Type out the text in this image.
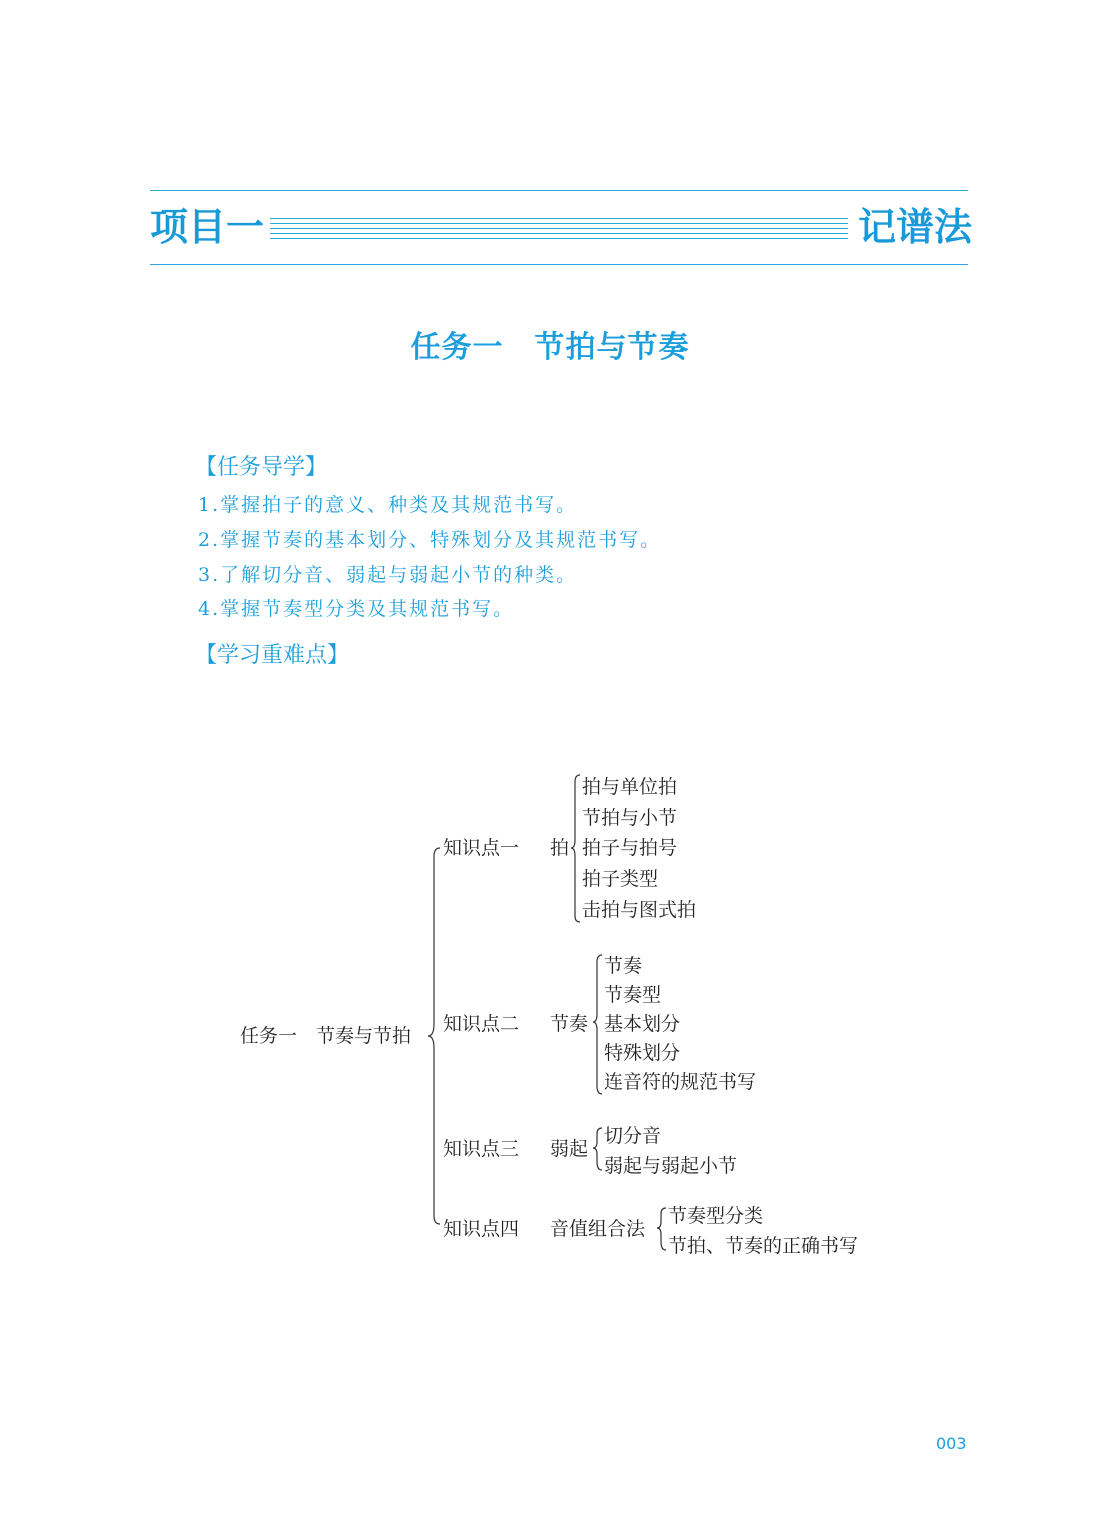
项目一	记谱法
任务一　节拍与节奏
【任务导学】
1.掌握拍子的意义、种类及其规范书写。
2.掌握节奏的基本划分、特殊划分及其规范书写。
3.了解切分音、弱起与弱起小节的种类。
4.掌握节奏型分类及其规范书写。
【学习重难点】
任务一　节奏与节拍
知识点一 拍
拍与单位拍
节拍与小节
拍子与拍号
拍子类型
击拍与图式拍
知识点二 节奏
节奏
节奏型
基本划分
特殊划分
连音符的规范书写
知识点三 弱起
切分音
弱起与弱起小节
知识点四 音值组合法
节奏型分类
节拍、节奏的正确书写
003
